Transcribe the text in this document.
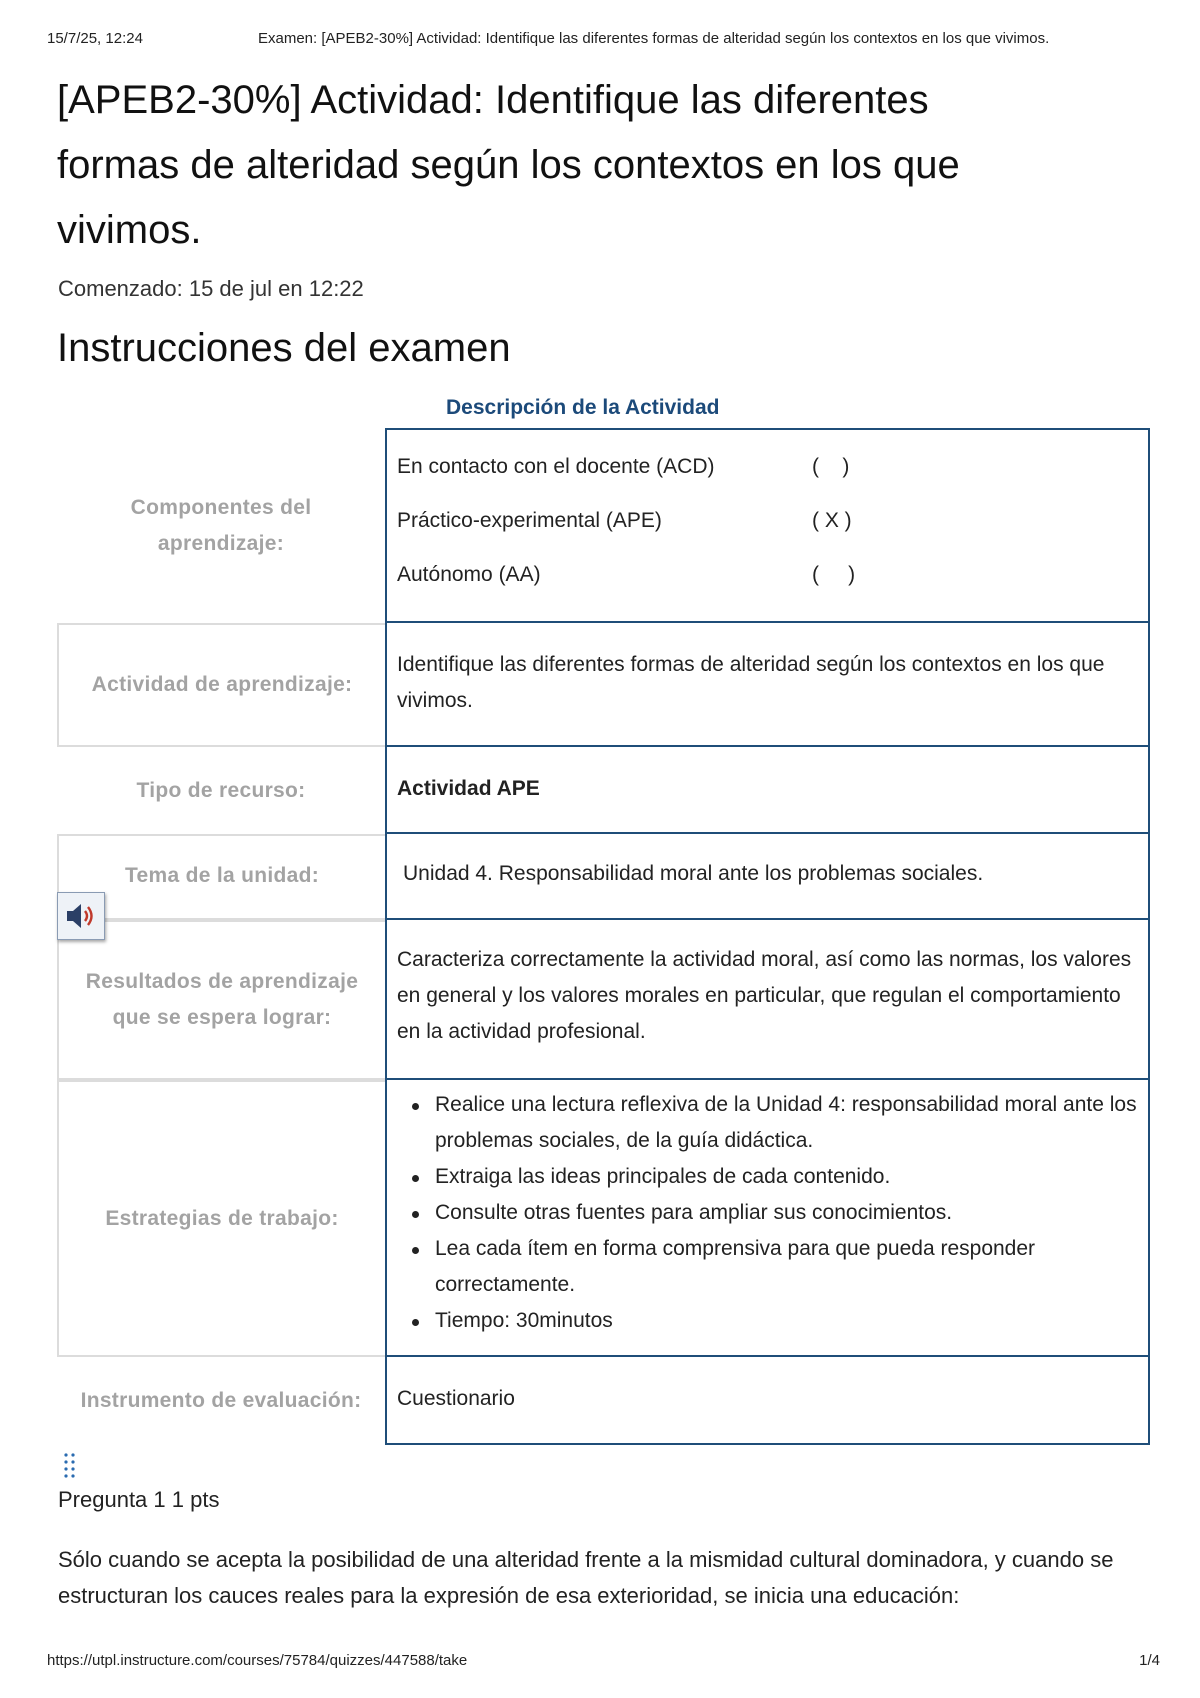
15/7/25, 12:24	Examen: [APEB2-30%] Actividad: Identifique las diferentes formas de alteridad según los contextos en los que vivimos.
[APEB2-30%] Actividad: Identifique las diferentes formas de alteridad según los contextos en los que vivimos.
Comenzado: 15 de jul en 12:22
Instrucciones del examen
Descripción de la Actividad
Componentes del aprendizaje:
En contacto con el docente (ACD)	(    )
Práctico-experimental (APE)	( X )
Autónomo (AA)	(     )
Actividad de aprendizaje:
Identifique las diferentes formas de alteridad según los contextos en los que vivimos.
Tipo de recurso:	Actividad APE
Tema de la unidad:	Unidad 4. Responsabilidad moral ante los problemas sociales.
Resultados de aprendizaje que se espera lograr:
Caracteriza correctamente la actividad moral, así como las normas, los valores en general y los valores morales en particular, que regulan el comportamiento en la actividad profesional.
Estrategias de trabajo:
Realice una lectura reflexiva de la Unidad 4: responsabilidad moral ante los problemas sociales, de la guía didáctica.
Extraiga las ideas principales de cada contenido.
Consulte otras fuentes para ampliar sus conocimientos.
Lea cada ítem en forma comprensiva para que pueda responder correctamente.
Tiempo: 30minutos
Instrumento de evaluación:	Cuestionario
Pregunta 1 1 pts
Sólo cuando se acepta la posibilidad de una alteridad frente a la mismidad cultural dominadora, y cuando se estructuran los cauces reales para la expresión de esa exterioridad, se inicia una educación:
https://utpl.instructure.com/courses/75784/quizzes/447588/take	1/4
